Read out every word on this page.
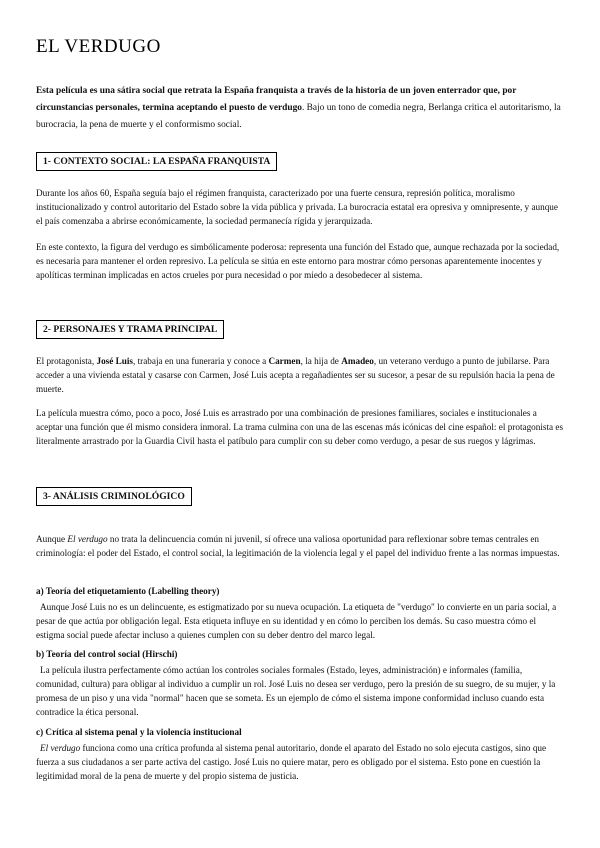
EL VERDUGO

Esta película es una sátira social que retrata la España franquista a través de la historia de un joven enterrador que, por circunstancias personales, termina aceptando el puesto de verdugo. Bajo un tono de comedia negra, Berlanga critica el autoritarismo, la burocracia, la pena de muerte y el conformismo social.

1- CONTEXTO SOCIAL: LA ESPAÑA FRANQUISTA

Durante los años 60, España seguía bajo el régimen franquista, caracterizado por una fuerte censura, represión política, moralismo institucionalizado y control autoritario del Estado sobre la vida pública y privada. La burocracia estatal era opresiva y omnipresente, y aunque el país comenzaba a abrirse económicamente, la sociedad permanecía rígida y jerarquizada.

En este contexto, la figura del verdugo es simbólicamente poderosa: representa una función del Estado que, aunque rechazada por la sociedad, es necesaria para mantener el orden represivo. La película se sitúa en este entorno para mostrar cómo personas aparentemente inocentes y apolíticas terminan implicadas en actos crueles por pura necesidad o por miedo a desobedecer al sistema.

2- PERSONAJES Y TRAMA PRINCIPAL

El protagonista, José Luis, trabaja en una funeraria y conoce a Carmen, la hija de Amadeo, un veterano verdugo a punto de jubilarse. Para acceder a una vivienda estatal y casarse con Carmen, José Luis acepta a regañadientes ser su sucesor, a pesar de su repulsión hacia la pena de muerte.

La película muestra cómo, poco a poco, José Luis es arrastrado por una combinación de presiones familiares, sociales e institucionales a aceptar una función que él mismo considera inmoral. La trama culmina con una de las escenas más icónicas del cine español: el protagonista es literalmente arrastrado por la Guardia Civil hasta el patíbulo para cumplir con su deber como verdugo, a pesar de sus ruegos y lágrimas.

3- ANÁLISIS CRIMINOLÓGICO

Aunque El verdugo no trata la delincuencia común ni juvenil, sí ofrece una valiosa oportunidad para reflexionar sobre temas centrales en criminología: el poder del Estado, el control social, la legitimación de la violencia legal y el papel del individuo frente a las normas impuestas.

a) Teoría del etiquetamiento (Labelling theory)

Aunque José Luis no es un delincuente, es estigmatizado por su nueva ocupación. La etiqueta de "verdugo" lo convierte en un paria social, a pesar de que actúa por obligación legal. Esta etiqueta influye en su identidad y en cómo lo perciben los demás. Su caso muestra cómo el estigma social puede afectar incluso a quienes cumplen con su deber dentro del marco legal.

b) Teoría del control social (Hirschi)

La película ilustra perfectamente cómo actúan los controles sociales formales (Estado, leyes, administración) e informales (familia, comunidad, cultura) para obligar al individuo a cumplir un rol. José Luis no desea ser verdugo, pero la presión de su suegro, de su mujer, y la promesa de un piso y una vida "normal" hacen que se someta. Es un ejemplo de cómo el sistema impone conformidad incluso cuando esta contradice la ética personal.

c) Crítica al sistema penal y la violencia institucional

El verdugo funciona como una crítica profunda al sistema penal autoritario, donde el aparato del Estado no solo ejecuta castigos, sino que fuerza a sus ciudadanos a ser parte activa del castigo. José Luis no quiere matar, pero es obligado por el sistema. Esto pone en cuestión la legitimidad moral de la pena de muerte y del propio sistema de justicia.
